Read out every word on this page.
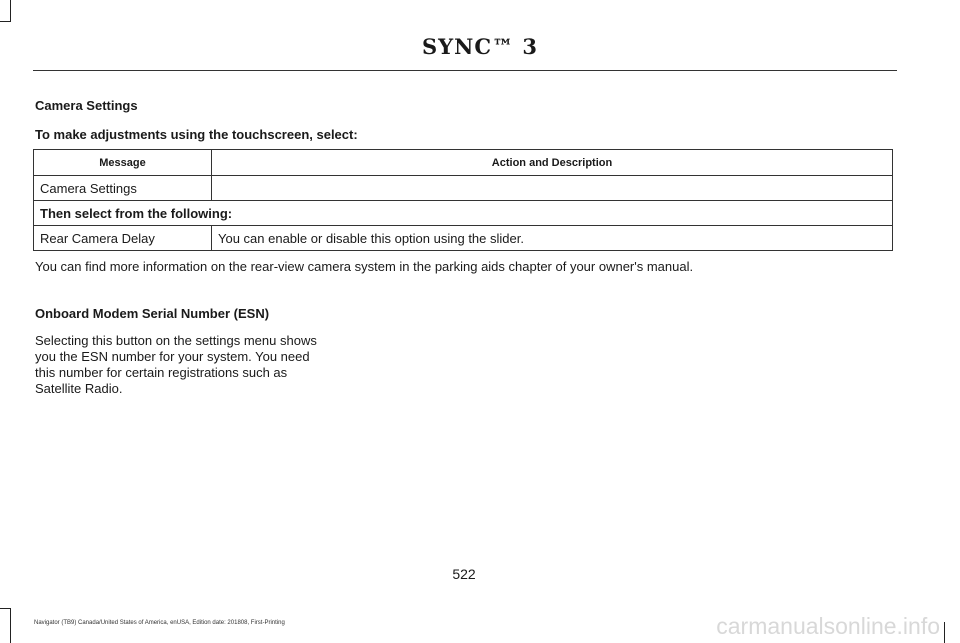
SYNC™ 3
Camera Settings
To make adjustments using the touchscreen, select:
Message	Action and Description
Camera Settings	
Then select from the following:	
Rear Camera Delay	You can enable or disable this option using the slider.
You can find more information on the rear-view camera system in the parking aids chapter of your owner's manual.
Onboard Modem Serial Number (ESN)
Selecting this button on the settings menu shows you the ESN number for your system. You need this number for certain registrations such as Satellite Radio.
522
Navigator (TB9) Canada/United States of America, enUSA, Edition date: 201808, First-Printing	carmanualsonline.info
